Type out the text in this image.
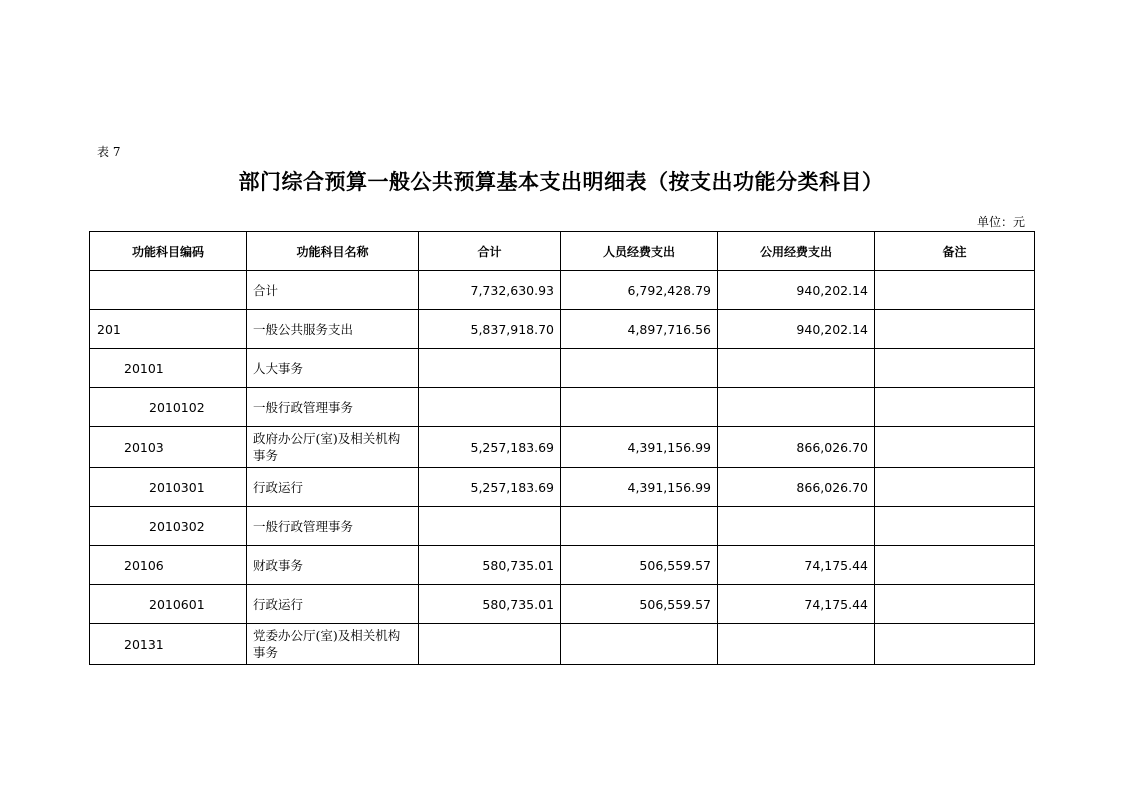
表 7
部门综合预算一般公共预算基本支出明细表（按支出功能分类科目）
单位：元
功能科目编码	功能科目名称	合计	人员经费支出	公用经费支出	备注
	合计	7,732,630.93	6,792,428.79	940,202.14	
201	一般公共服务支出	5,837,918.70	4,897,716.56	940,202.14	
20101	人大事务				
2010102	一般行政管理事务				
20103	政府办公厅(室)及相关机构事务	5,257,183.69	4,391,156.99	866,026.70	
2010301	行政运行	5,257,183.69	4,391,156.99	866,026.70	
2010302	一般行政管理事务				
20106	财政事务	580,735.01	506,559.57	74,175.44	
2010601	行政运行	580,735.01	506,559.57	74,175.44	
20131	党委办公厅(室)及相关机构事务				
